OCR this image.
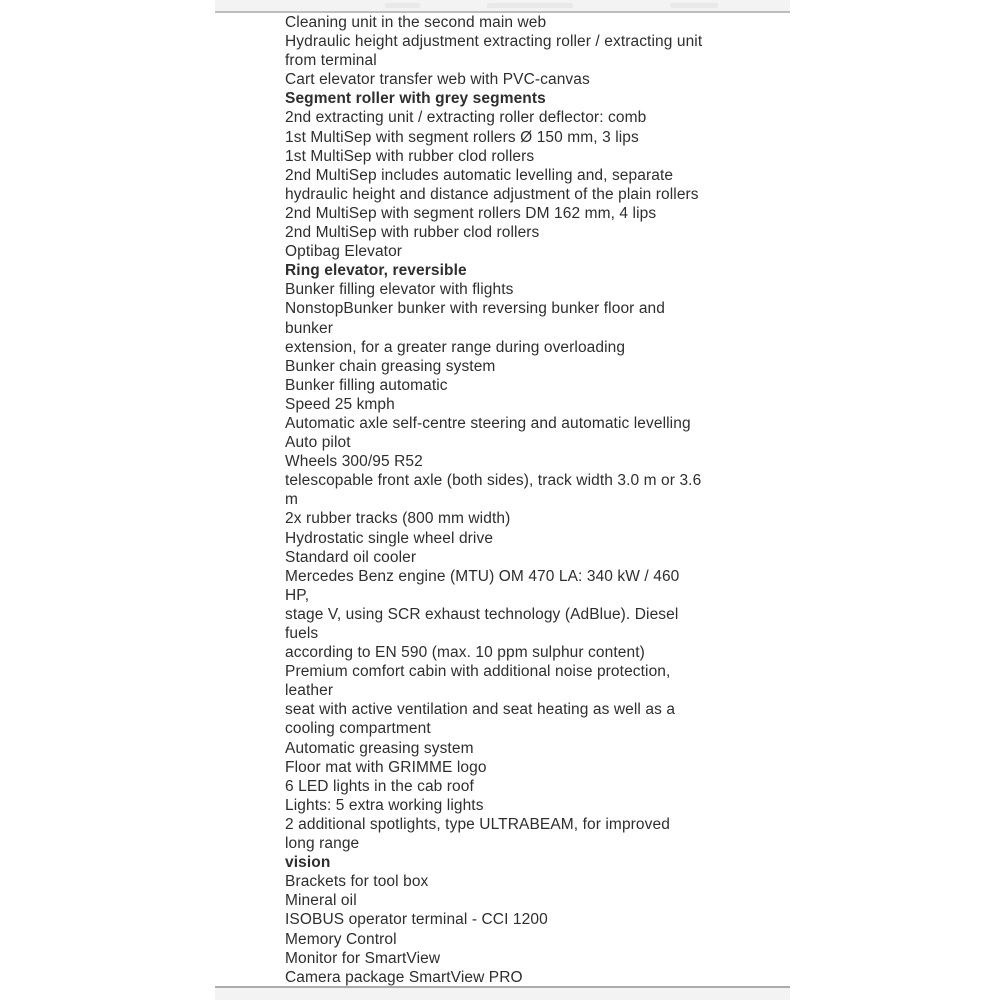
Cleaning unit in the second main web
Hydraulic height adjustment extracting roller / extracting unit
from terminal
Cart elevator transfer web with PVC-canvas
Segment roller with grey segments
2nd extracting unit / extracting roller deflector: comb
1st MultiSep with segment rollers Ø 150 mm, 3 lips
1st MultiSep with rubber clod rollers
2nd MultiSep includes automatic levelling and, separate
hydraulic height and distance adjustment of the plain rollers
2nd MultiSep with segment rollers DM 162 mm, 4 lips
2nd MultiSep with rubber clod rollers
Optibag Elevator
Ring elevator, reversible
Bunker filling elevator with flights
NonstopBunker bunker with reversing bunker floor and
bunker
extension, for a greater range during overloading
Bunker chain greasing system
Bunker filling automatic
Speed 25 kmph
Automatic axle self-centre steering and automatic levelling
Auto pilot
Wheels 300/95 R52
telescopable front axle (both sides), track width 3.0 m or 3.6
m
2x rubber tracks (800 mm width)
Hydrostatic single wheel drive
Standard oil cooler
Mercedes Benz engine (MTU) OM 470 LA: 340 kW / 460
HP,
stage V, using SCR exhaust technology (AdBlue). Diesel
fuels
according to EN 590 (max. 10 ppm sulphur content)
Premium comfort cabin with additional noise protection,
leather
seat with active ventilation and seat heating as well as a
cooling compartment
Automatic greasing system
Floor mat with GRIMME logo
6 LED lights in the cab roof
Lights: 5 extra working lights
2 additional spotlights, type ULTRABEAM, for improved
long range
vision
Brackets for tool box
Mineral oil
ISOBUS operator terminal - CCI 1200
Memory Control
Monitor for SmartView
Camera package SmartView PRO
